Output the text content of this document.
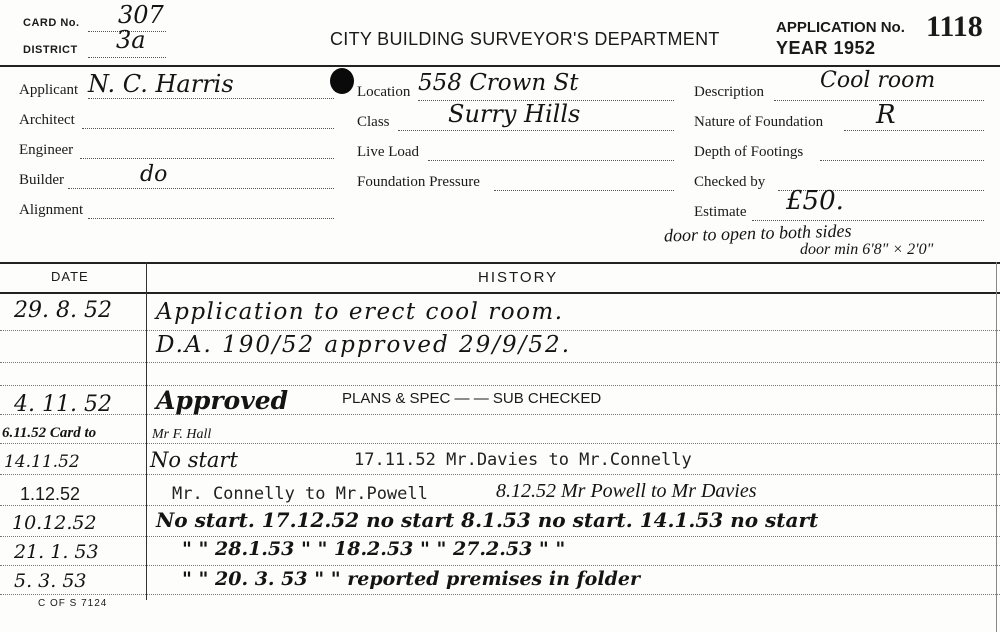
CARD No. 307
DISTRICT 3a	CITY BUILDING SURVEYOR'S DEPARTMENT
APPLICATION No. 1118
YEAR 1952
Applicant N. C. Harris
Architect
Engineer
Builder	do
Alignment
Location 558 Crown St
Class Surry Hills
Live Load
Foundation Pressure
Description	Cool room
Nature of Foundation R
Depth of Footings
Checked by
Estimate £50.
door to open to both sides
door min 6'8" × 2'0"
DATE	HISTORY
29. 8. 52 Application to erect cool room.
D.A. 190/52 approved 29/9/52.
4. 11. 52 Approved	PLANS & SPEC — — SUB CHECKED
6.11.52 Card to	Mr F. Hall
14.11.52	No start	17.11.52 Mr.Davies to Mr.Connelly
1.12.52	Mr. Connelly to Mr.Powell	8.12.52 Mr Powell to Mr Davies
10.12.52	No start. 17.12.52 no start 8.1.53 no start. 14.1.53 no start
21. 1. 53	" " 28.1.53 " " 18.2.53 " " 27.2.53 " "
5. 3. 53	" " 20. 3. 53 " " reported premises in folder
C OF S 7124
